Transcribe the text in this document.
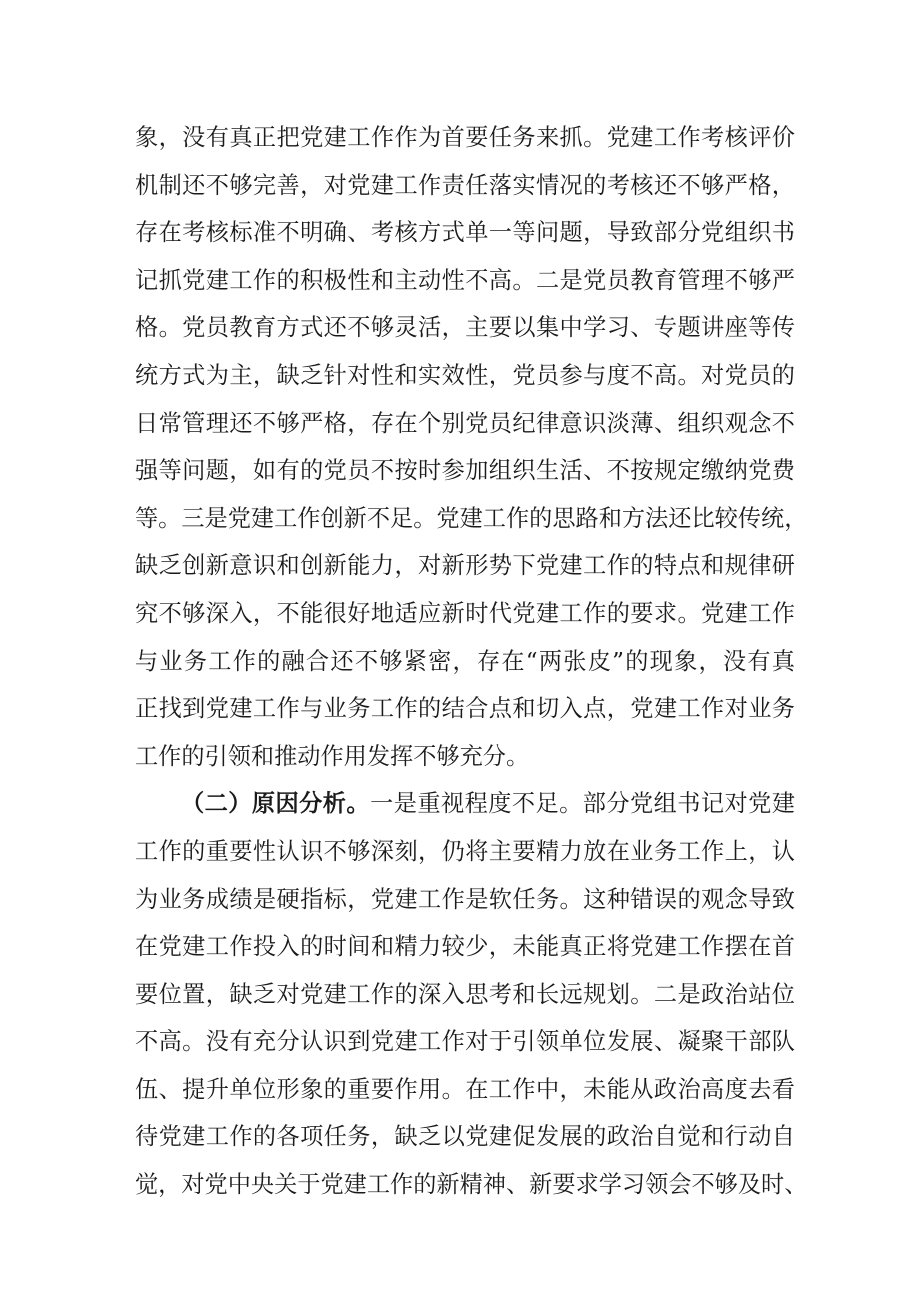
象，没有真正把党建工作作为首要任务来抓。党建工作考核评价
机制还不够完善，对党建工作责任落实情况的考核还不够严格，
存在考核标准不明确、考核方式单一等问题，导致部分党组织书
记抓党建工作的积极性和主动性不高。二是党员教育管理不够严
格。党员教育方式还不够灵活，主要以集中学习、专题讲座等传
统方式为主，缺乏针对性和实效性，党员参与度不高。对党员的
日常管理还不够严格，存在个别党员纪律意识淡薄、组织观念不
强等问题，如有的党员不按时参加组织生活、不按规定缴纳党费
等。三是党建工作创新不足。党建工作的思路和方法还比较传统，
缺乏创新意识和创新能力，对新形势下党建工作的特点和规律研
究不够深入，不能很好地适应新时代党建工作的要求。党建工作
与业务工作的融合还不够紧密，存在“两张皮”的现象，没有真
正找到党建工作与业务工作的结合点和切入点，党建工作对业务
工作的引领和推动作用发挥不够充分。
（二）原因分析。一是重视程度不足。部分党组书记对党建
工作的重要性认识不够深刻，仍将主要精力放在业务工作上，认
为业务成绩是硬指标，党建工作是软任务。这种错误的观念导致
在党建工作投入的时间和精力较少，未能真正将党建工作摆在首
要位置，缺乏对党建工作的深入思考和长远规划。二是政治站位
不高。没有充分认识到党建工作对于引领单位发展、凝聚干部队
伍、提升单位形象的重要作用。在工作中，未能从政治高度去看
待党建工作的各项任务，缺乏以党建促发展的政治自觉和行动自
觉，对党中央关于党建工作的新精神、新要求学习领会不够及时、
